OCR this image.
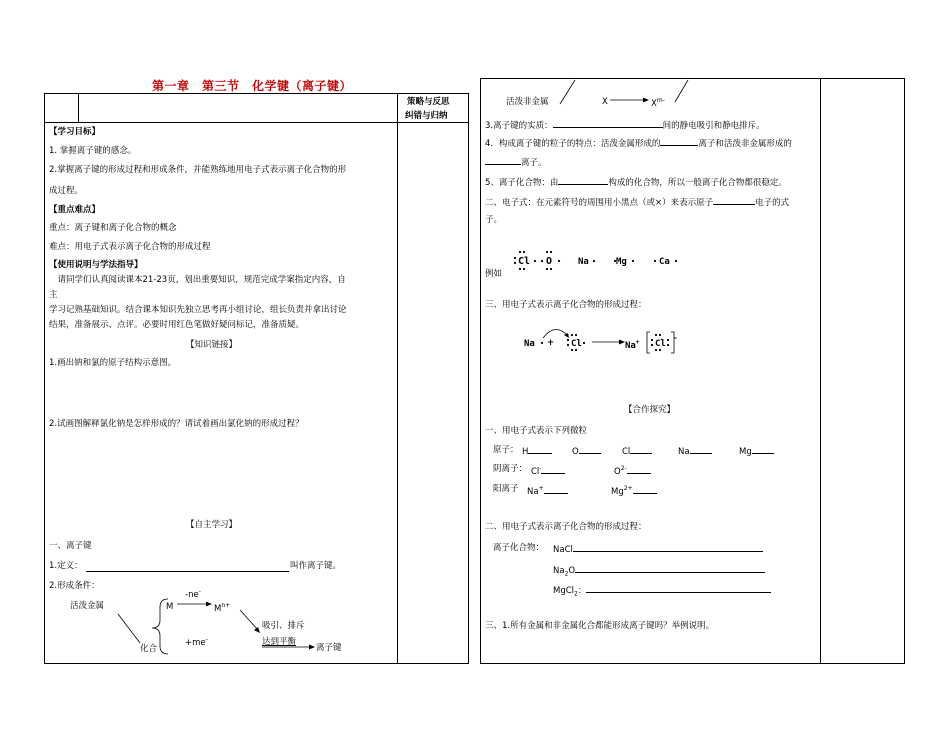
第一章　第三节　化学键（离子键）
策略与反思
纠错与归纳
【学习目标】
1. 掌握离子键的感念。
2.掌握离子键的形成过程和形成条件，并能熟练地用电子式表示离子化合物的形
成过程。
【重点难点】
重点：离子键和离子化合物的概念
难点：用电子式表示离子化合物的形成过程
【使用说明与学法指导】
　请同学们认真阅读课本21-23页，划出重要知识，规范完成学案指定内容，自
主
学习记熟基础知识。结合课本知识先独立思考再小组讨论，组长负责并拿出讨论
结果，准备展示、点评。必要时用红色笔做好疑问标记，准备质疑。
【知识链接】
1.画出钠和氯的原子结构示意图。
2.试画图解释氯化钠是怎样形成的？请试着画出氯化钠的形成过程？
【自主学习】
一、离子键
1.定义：	叫作离子键。
2.形成条件：
活泼金属
-ne-
M	$M^{n+}$
吸引、排斥
达到平衡
+me-
化合	离子键
活泼非金属	X	$X^{m-}$
3.离子键的实质：	间的静电吸引和静电排斥。
4．构成离子键的粒子的特点：活泼金属形成的	离子和活泼非金属形成的
离子。
5、离子化合物：由	构成的化合物，所以一般离子化合物都很稳定。
二、电子式：在元素符号的周围用小黑点（或×）来表示原子	电子的式
子。
例如
Cl O	Na	Mg	Ca
三、用电子式表示离子化合物的形成过程：
Na + Cl	Na+ Cl
-
【合作探究】
一、用电子式表示下列微粒
原子： H	O	Cl	Na	Mg
阴离子： Cl-	$O^{2-}$
阳离子 Na+	$Mg^{2+}$
二、用电子式表示离子化合物的形成过程：
离子化合物： NaCl
$Na_2O$
MgCl$_2$：
三、1.所有金属和非金属化合都能形成离子键吗？举例说明。
